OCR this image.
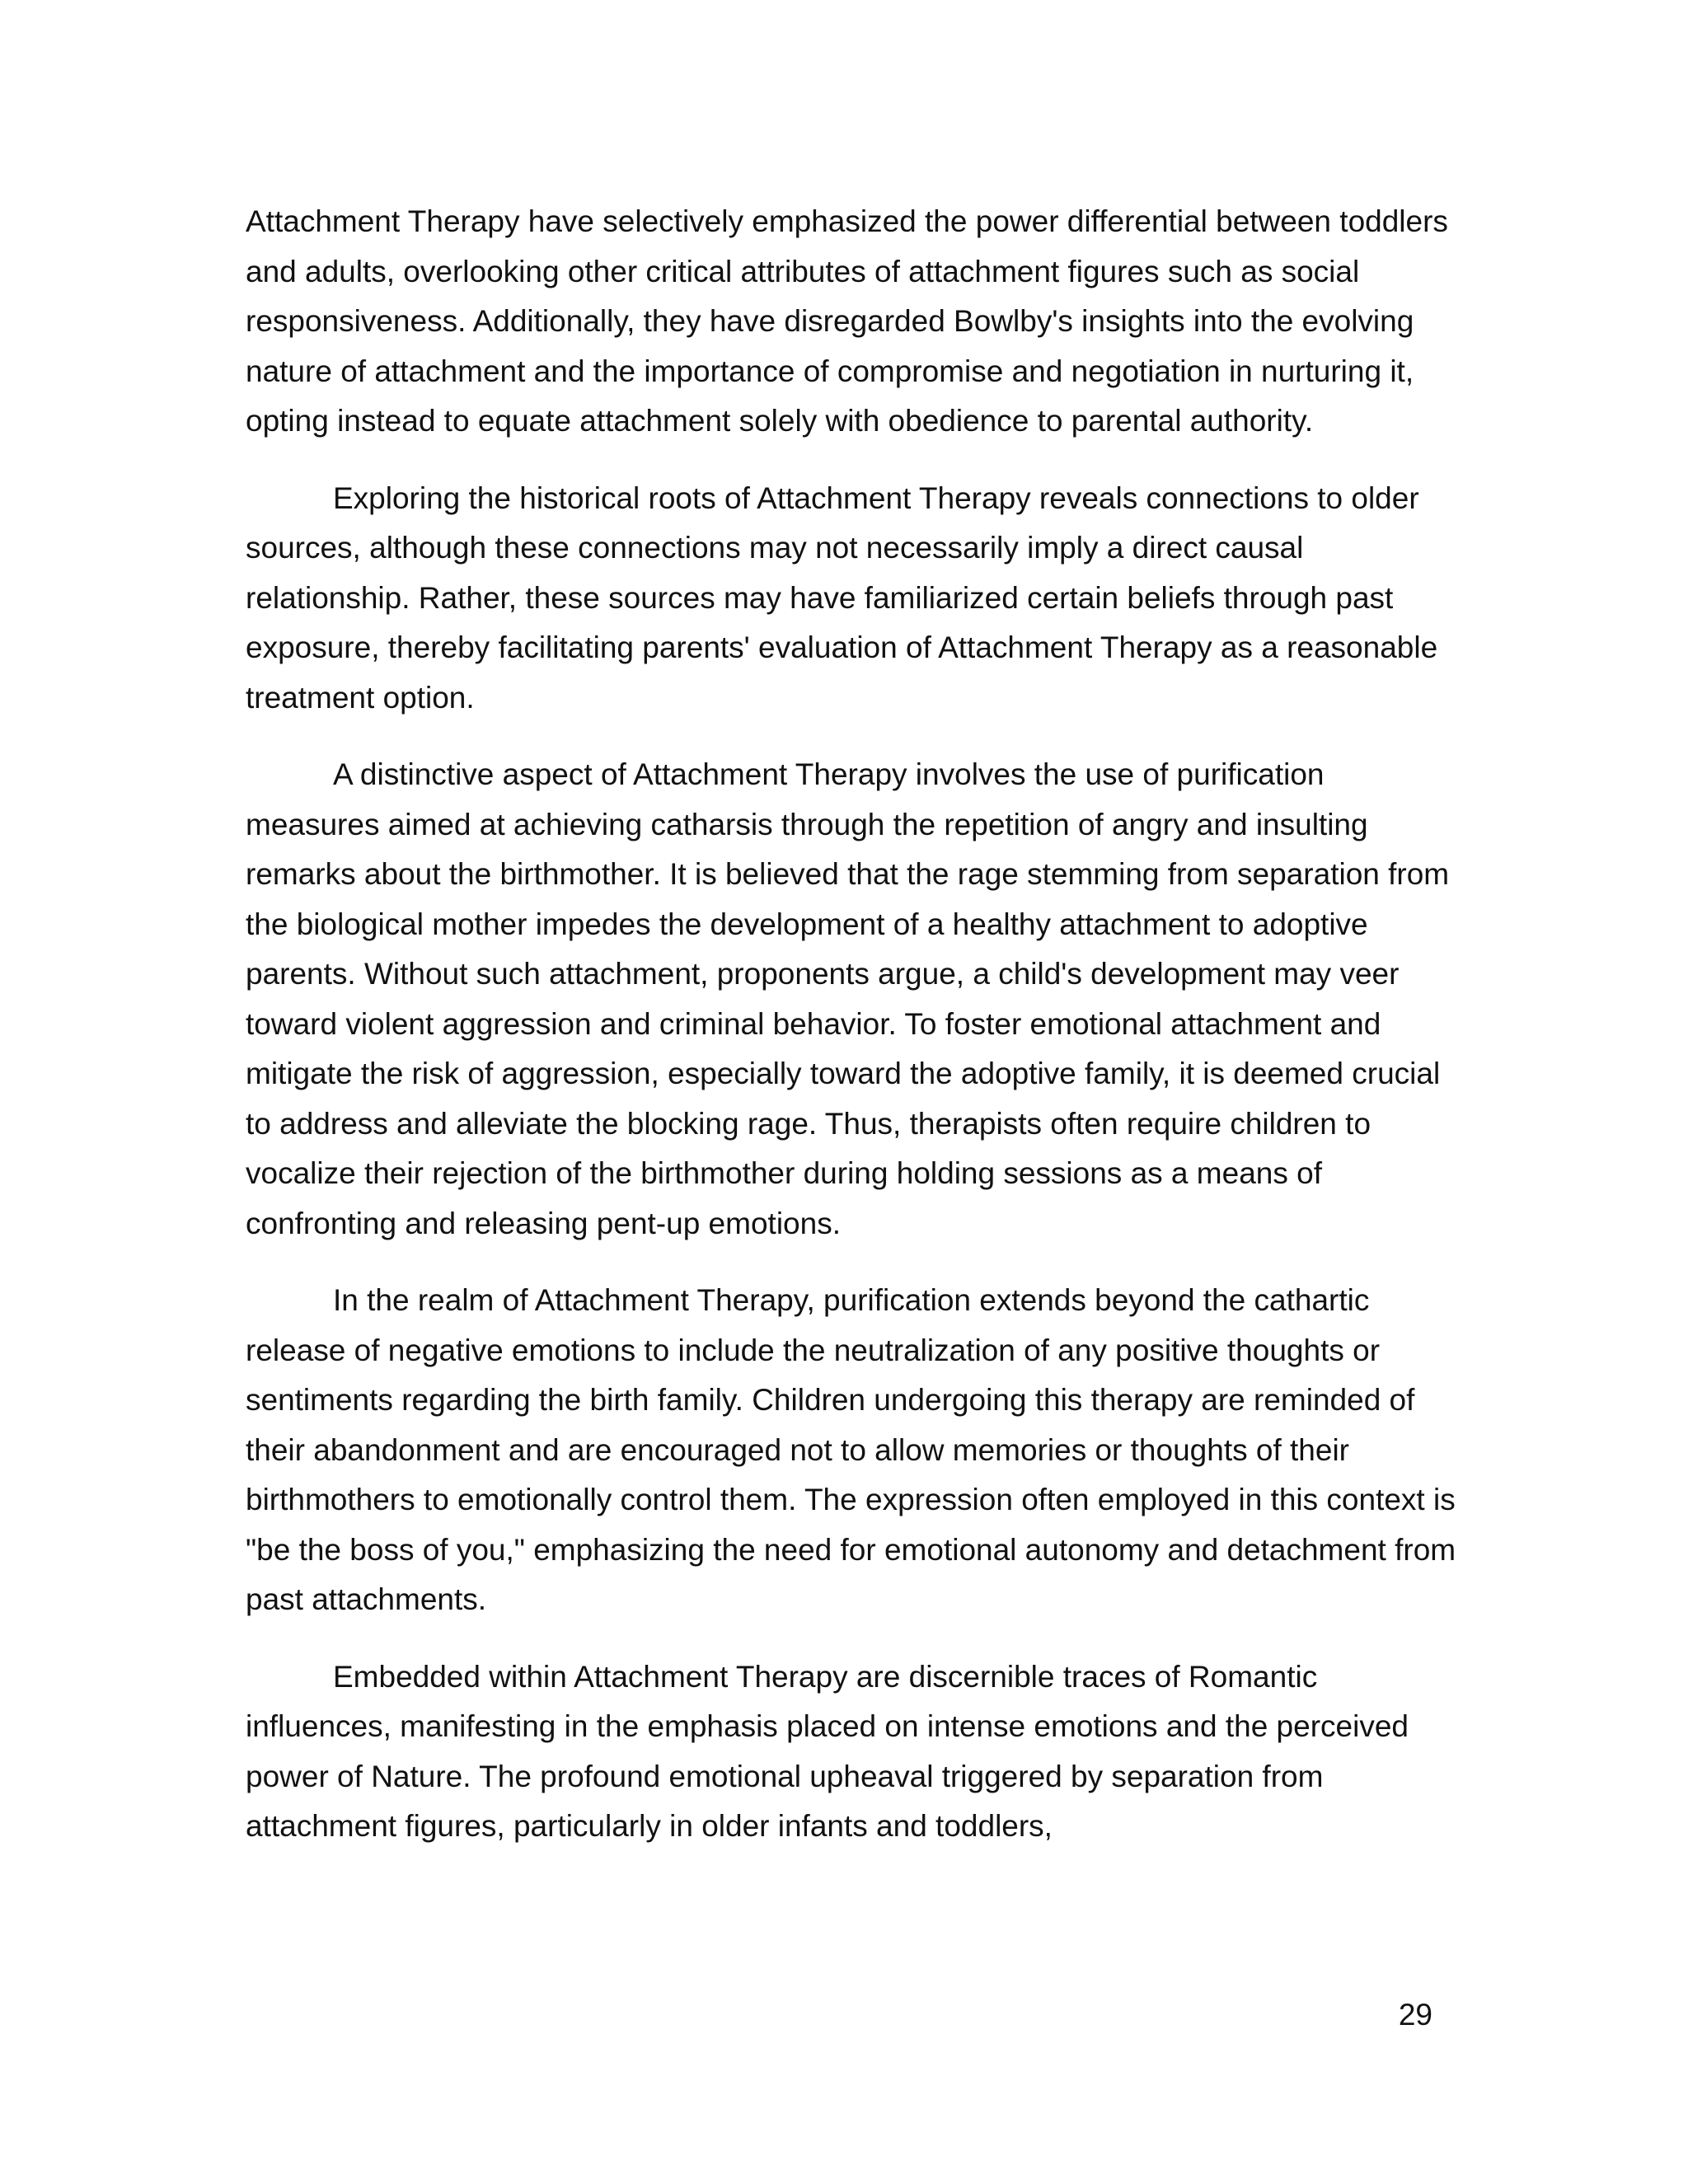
Attachment Therapy have selectively emphasized the power differential between toddlers and adults, overlooking other critical attributes of attachment figures such as social responsiveness. Additionally, they have disregarded Bowlby's insights into the evolving nature of attachment and the importance of compromise and negotiation in nurturing it, opting instead to equate attachment solely with obedience to parental authority.

Exploring the historical roots of Attachment Therapy reveals connections to older sources, although these connections may not necessarily imply a direct causal relationship. Rather, these sources may have familiarized certain beliefs through past exposure, thereby facilitating parents' evaluation of Attachment Therapy as a reasonable treatment option.

A distinctive aspect of Attachment Therapy involves the use of purification measures aimed at achieving catharsis through the repetition of angry and insulting remarks about the birthmother. It is believed that the rage stemming from separation from the biological mother impedes the development of a healthy attachment to adoptive parents. Without such attachment, proponents argue, a child's development may veer toward violent aggression and criminal behavior. To foster emotional attachment and mitigate the risk of aggression, especially toward the adoptive family, it is deemed crucial to address and alleviate the blocking rage. Thus, therapists often require children to vocalize their rejection of the birthmother during holding sessions as a means of confronting and releasing pent-up emotions.

In the realm of Attachment Therapy, purification extends beyond the cathartic release of negative emotions to include the neutralization of any positive thoughts or sentiments regarding the birth family. Children undergoing this therapy are reminded of their abandonment and are encouraged not to allow memories or thoughts of their birthmothers to emotionally control them. The expression often employed in this context is "be the boss of you," emphasizing the need for emotional autonomy and detachment from past attachments.

Embedded within Attachment Therapy are discernible traces of Romantic influences, manifesting in the emphasis placed on intense emotions and the perceived power of Nature. The profound emotional upheaval triggered by separation from attachment figures, particularly in older infants and toddlers,

29
